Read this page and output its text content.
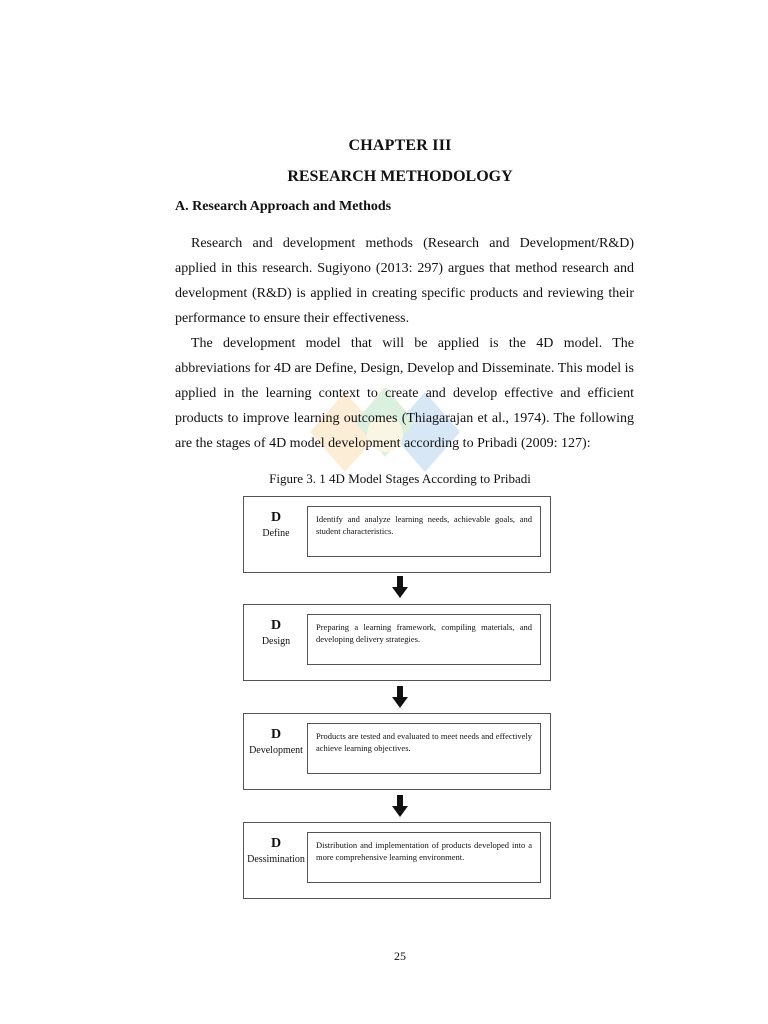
CHAPTER III
RESEARCH METHODOLOGY
A. Research Approach and Methods

Research and development methods (Research and Development/R&D) applied in this research. Sugiyono (2013: 297) argues that method research and development (R&D) is applied in creating specific products and reviewing their performance to ensure their effectiveness.

The development model that will be applied is the 4D model. The abbreviations for 4D are Define, Design, Develop and Disseminate. This model is applied in the learning context to create and develop effective and efficient products to improve learning outcomes (Thiagarajan et al., 1974). The following are the stages of 4D model development according to Pribadi (2009: 127):

Figure 3. 1 4D Model Stages According to Pribadi
D
Define
Identify and analyze learning needs, achievable goals, and student characteristics.
D
Design
Preparing a learning framework, compiling materials, and developing delivery strategies.
D
Development
Products are tested and evaluated to meet needs and effectively achieve learning objectives.
D
Dessimination
Distribution and implementation of products developed into a more comprehensive learning environment.
25
